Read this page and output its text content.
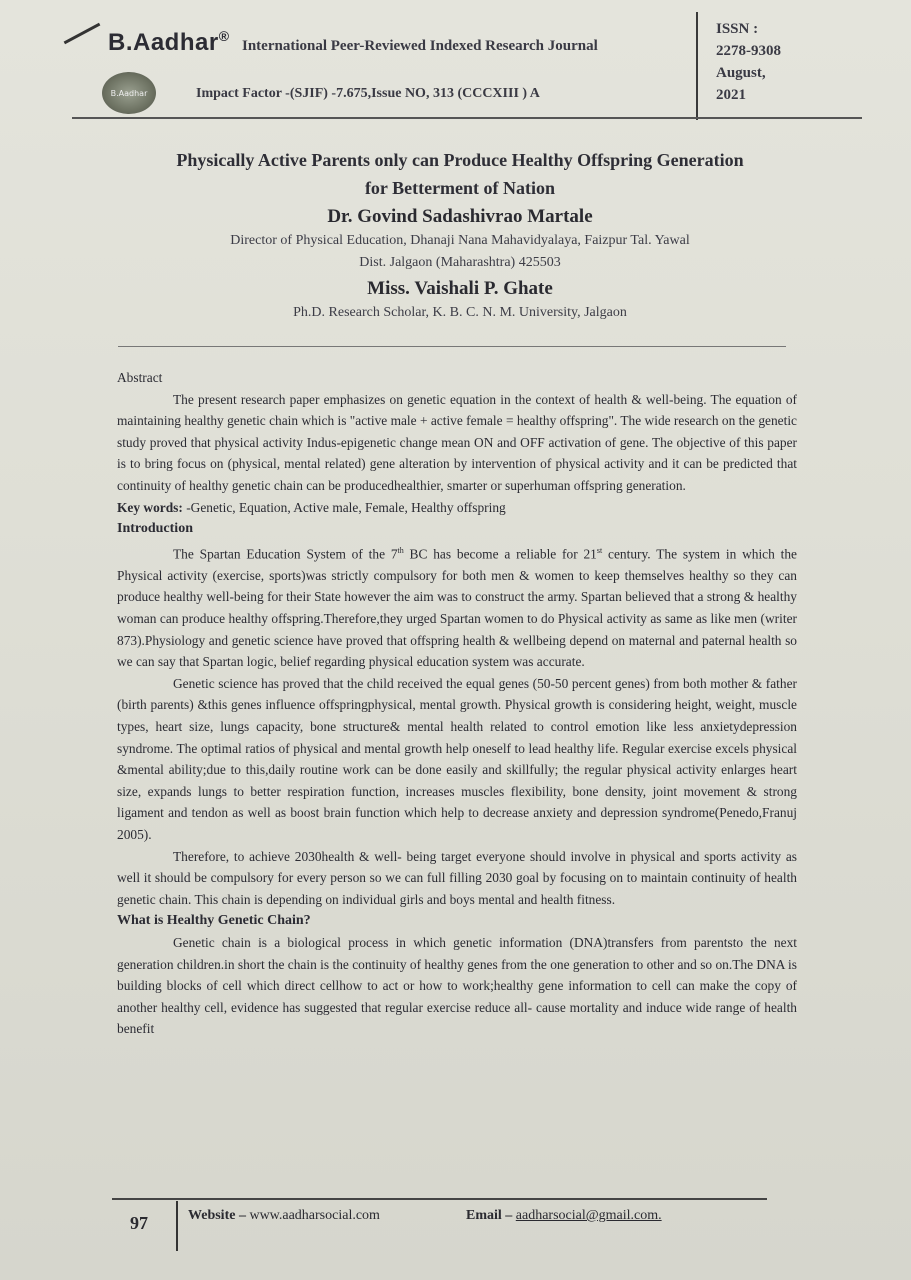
B.Aadhar®
International Peer-Reviewed Indexed Research Journal
B.Aadhar	Impact Factor -(SJIF) -7.675,Issue NO, 313 (CCCXIII ) A
ISSN :
2278-9308
August,
2021
Physically Active Parents only can Produce Healthy Offspring Generation
for Betterment of Nation
Dr. Govind Sadashivrao Martale
Director of Physical Education, Dhanaji Nana Mahavidyalaya, Faizpur Tal. Yawal
Dist. Jalgaon (Maharashtra) 425503
Miss. Vaishali P. Ghate
Ph.D. Research Scholar, K. B. C. N. M. University, Jalgaon

Abstract

The present research paper emphasizes on genetic equation in the context of health & well-being. The equation of maintaining healthy genetic chain which is "active male + active female = healthy offspring". The wide research on the genetic study proved that physical activity Indus-epigenetic change mean ON and OFF activation of gene. The objective of this paper is to bring focus on (physical, mental related) gene alteration by intervention of physical activity and it can be predicted that continuity of healthy genetic chain can be producedhealthier, smarter or superhuman offspring generation.

Key words: -Genetic, Equation, Active male, Female, Healthy offspring

Introduction

The Spartan Education System of the 7th BC has become a reliable for 21st century. The system in which the Physical activity (exercise, sports)was strictly compulsory for both men & women to keep themselves healthy so they can produce healthy well-being for their State however the aim was to construct the army. Spartan believed that a strong & healthy woman can produce healthy offspring.Therefore,they urged Spartan women to do Physical activity as same as like men (writer 873).Physiology and genetic science have proved that offspring health & wellbeing depend on maternal and paternal health so we can say that Spartan logic, belief regarding physical education system was accurate.

Genetic science has proved that the child received the equal genes (50-50 percent genes) from both mother & father (birth parents) &this genes influence offspringphysical, mental growth. Physical growth is considering height, weight, muscle types, heart size, lungs capacity, bone structure& mental health related to control emotion like less anxietydepression syndrome. The optimal ratios of physical and mental growth help oneself to lead healthy life. Regular exercise excels physical &mental ability;due to this,daily routine work can be done easily and skillfully; the regular physical activity enlarges heart size, expands lungs to better respiration function, increases muscles flexibility, bone density, joint movement & strong ligament and tendon as well as boost brain function which help to decrease anxiety and depression syndrome(Penedo,Franuj 2005).

Therefore, to achieve 2030health & well- being target everyone should involve in physical and sports activity as well it should be compulsory for every person so we can full filling 2030 goal by focusing on to maintain continuity of health genetic chain. This chain is depending on individual girls and boys mental and health fitness.

What is Healthy Genetic Chain?

Genetic chain is a biological process in which genetic information (DNA)transfers from parentsto the next generation children.in short the chain is the continuity of healthy genes from the one generation to other and so on.The DNA is building blocks of cell which direct cellhow to act or how to work;healthy gene information to cell can make the copy of another healthy cell, evidence has suggested that regular exercise reduce all- cause mortality and induce wide range of health benefit

97	Website – www.aadharsocial.com	Email – aadharsocial@gmail.com.
